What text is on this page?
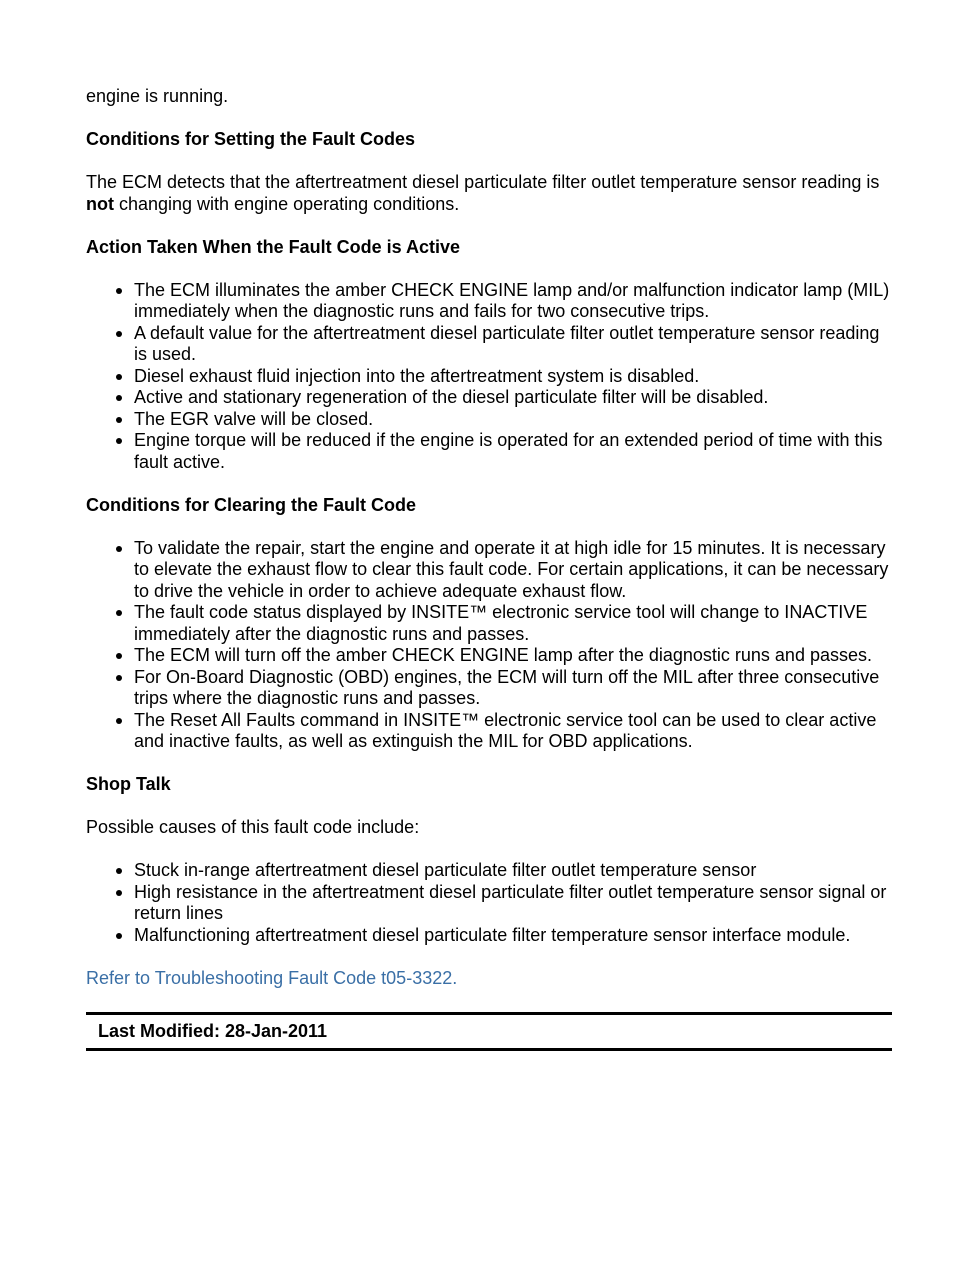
engine is running.

Conditions for Setting the Fault Codes

The ECM detects that the aftertreatment diesel particulate filter outlet temperature sensor reading is not changing with engine operating conditions.

Action Taken When the Fault Code is Active

The ECM illuminates the amber CHECK ENGINE lamp and/or malfunction indicator lamp (MIL) immediately when the diagnostic runs and fails for two consecutive trips.
A default value for the aftertreatment diesel particulate filter outlet temperature sensor reading is used.
Diesel exhaust fluid injection into the aftertreatment system is disabled.
Active and stationary regeneration of the diesel particulate filter will be disabled.
The EGR valve will be closed.
Engine torque will be reduced if the engine is operated for an extended period of time with this fault active.

Conditions for Clearing the Fault Code

To validate the repair, start the engine and operate it at high idle for 15 minutes. It is necessary to elevate the exhaust flow to clear this fault code. For certain applications, it can be necessary to drive the vehicle in order to achieve adequate exhaust flow.
The fault code status displayed by INSITE™ electronic service tool will change to INACTIVE immediately after the diagnostic runs and passes.
The ECM will turn off the amber CHECK ENGINE lamp after the diagnostic runs and passes.
For On-Board Diagnostic (OBD) engines, the ECM will turn off the MIL after three consecutive trips where the diagnostic runs and passes.
The Reset All Faults command in INSITE™ electronic service tool can be used to clear active and inactive faults, as well as extinguish the MIL for OBD applications.

Shop Talk

Possible causes of this fault code include:

Stuck in-range aftertreatment diesel particulate filter outlet temperature sensor
High resistance in the aftertreatment diesel particulate filter outlet temperature sensor signal or return lines
Malfunctioning aftertreatment diesel particulate filter temperature sensor interface module.
Refer to Troubleshooting Fault Code t05-3322.
Last Modified: 28-Jan-2011
